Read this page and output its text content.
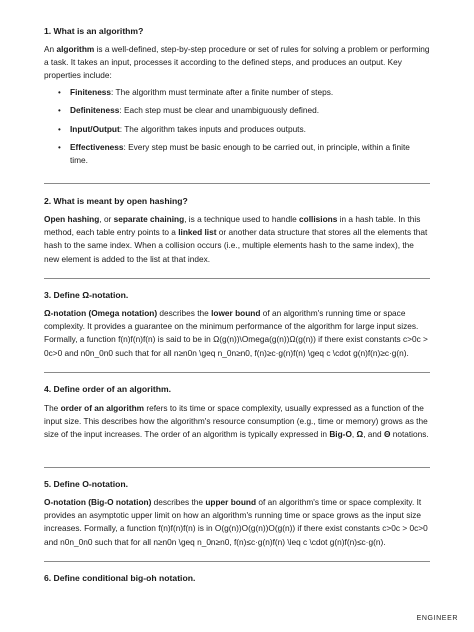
1. What is an algorithm?

An algorithm is a well-defined, step-by-step procedure or set of rules for solving a problem or performing a task. It takes an input, processes it according to the defined steps, and produces an output. Key properties include:

• Finiteness: The algorithm must terminate after a finite number of steps.
• Definiteness: Each step must be clear and unambiguously defined.
• Input/Output: The algorithm takes inputs and produces outputs.
• Effectiveness: Every step must be basic enough to be carried out, in principle, within a finite time.
2. What is meant by open hashing?

Open hashing, or separate chaining, is a technique used to handle collisions in a hash table. In this method, each table entry points to a linked list or another data structure that stores all the elements that hash to the same index. When a collision occurs (i.e., multiple elements hash to the same index), the new element is added to the list at that index.

3. Define Ω-notation.

Ω-notation (Omega notation) describes the lower bound of an algorithm's running time or space complexity. It provides a guarantee on the minimum performance of the algorithm for large input sizes. Formally, a function f(n)f(n)f(n) is said to be in Ω(g(n))\Omega(g(n))Ω(g(n)) if there exist constants c>0c > 0c>0 and n0n_0n0 such that for all n≥n0n \geq n_0n≥n0, f(n)≥c·g(n)f(n) \geq c \cdot g(n)f(n)≥c·g(n).

4. Define order of an algorithm.

The order of an algorithm refers to its time or space complexity, usually expressed as a function of the input size. This describes how the algorithm's resource consumption (e.g., time or memory) grows as the size of the input increases. The order of an algorithm is typically expressed in Big-O, Ω, and Θ notations.

5. Define O-notation.

O-notation (Big-O notation) describes the upper bound of an algorithm's time or space complexity. It provides an asymptotic upper limit on how an algorithm's running time or space grows as the input size increases. Formally, a function f(n)f(n)f(n) is in O(g(n))O(g(n))O(g(n)) if there exist constants c>0c > 0c>0 and n0n_0n0 such that for all n≥n0n \geq n_0n≥n0, f(n)≤c·g(n)f(n) \leq c \cdot g(n)f(n)≤c·g(n).

6. Define conditional big-oh notation.
ENGINEER
